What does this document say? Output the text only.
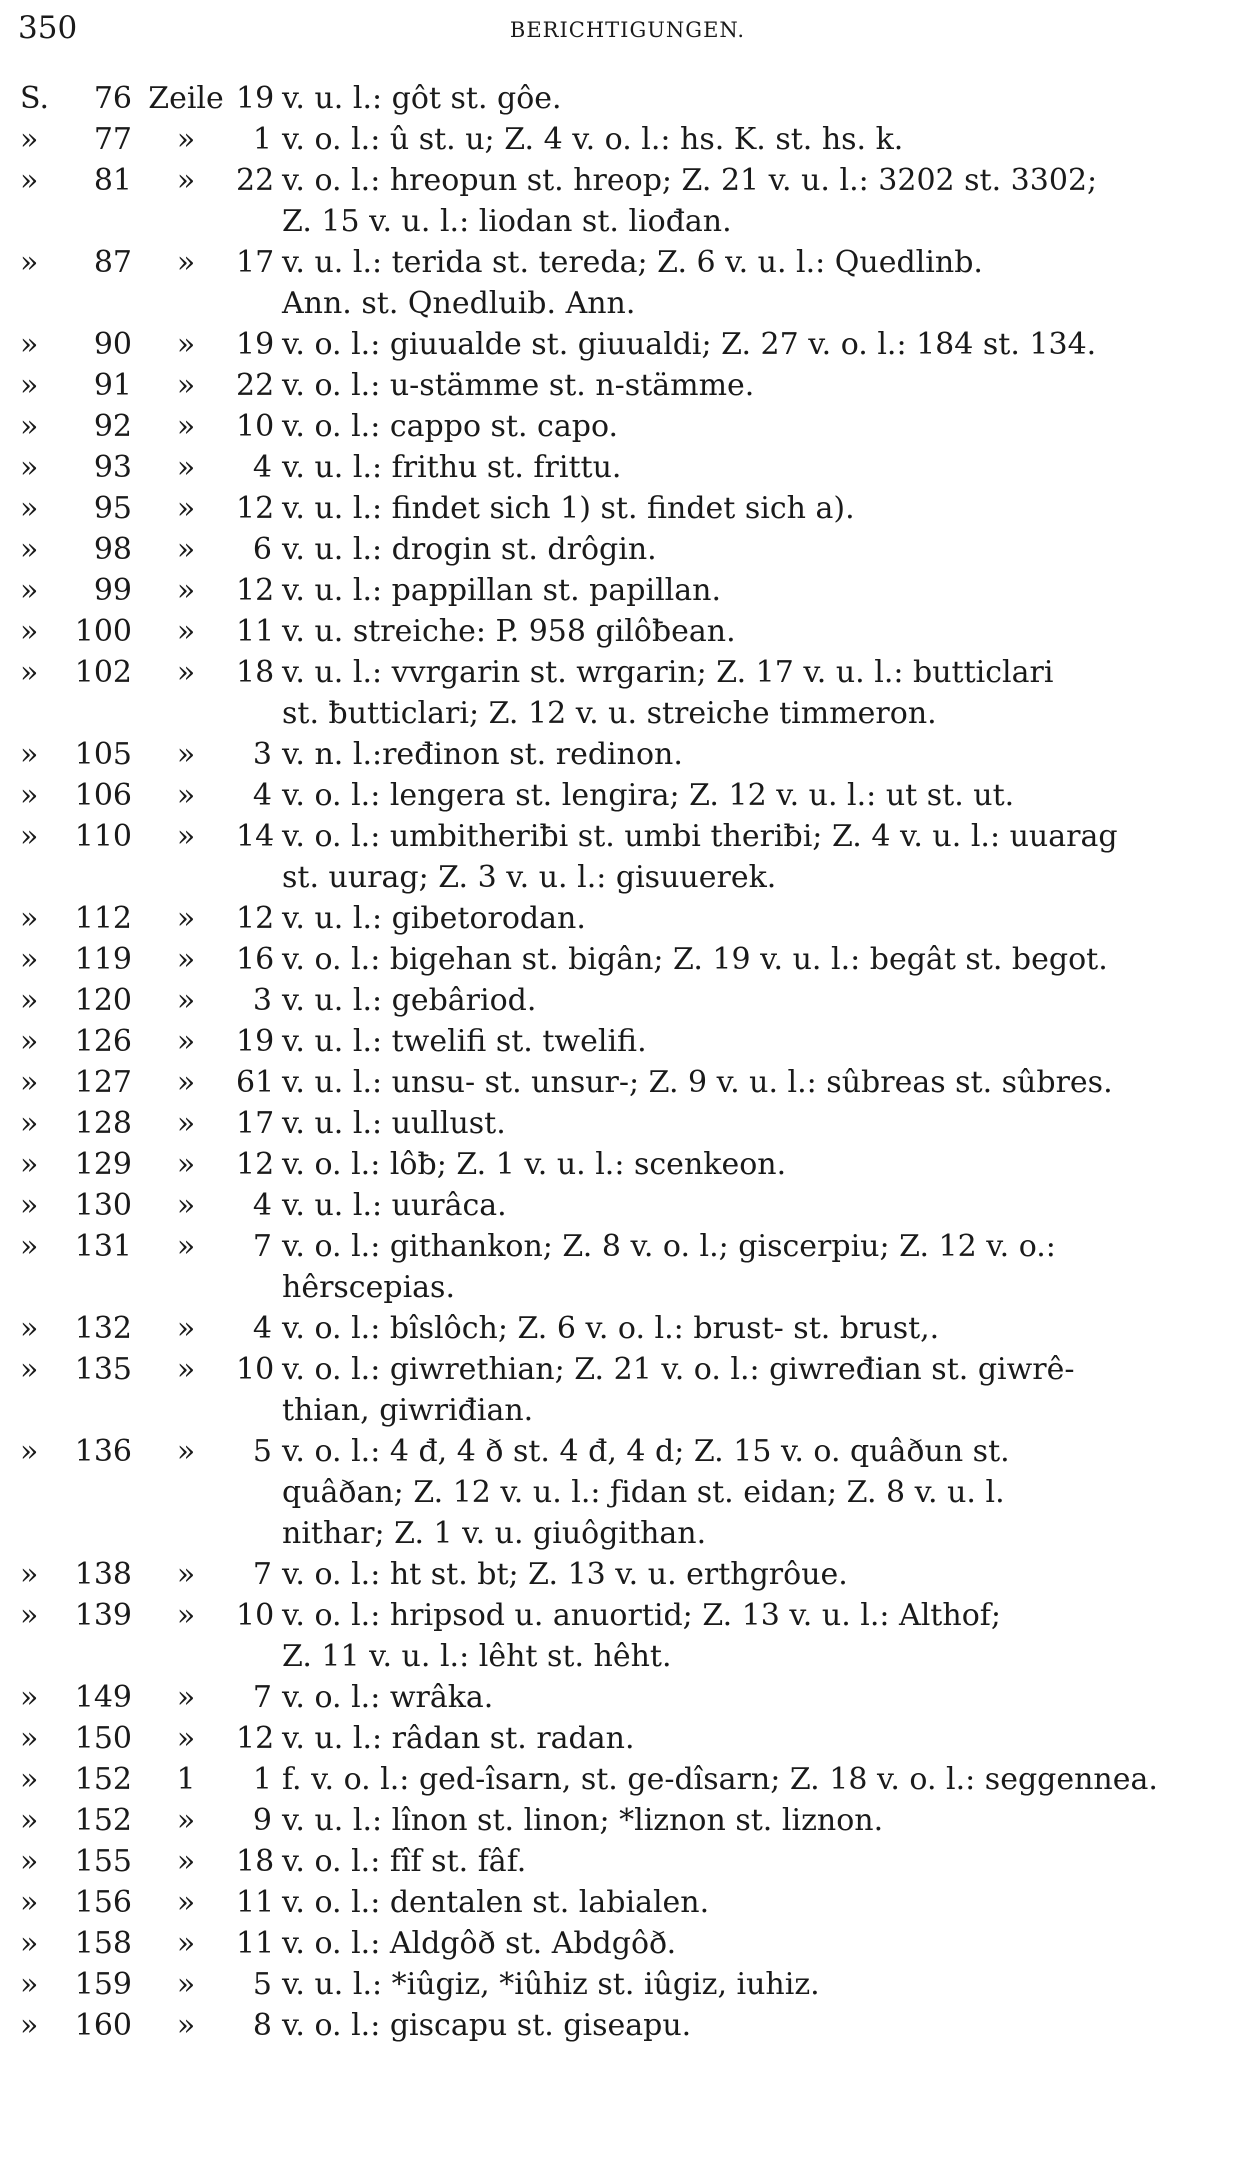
350	BERICHTIGUNGEN.
S.	76 Zeile 19 v. u. l.: gôt st. gôe.
»	77	»	1 v. o. l.: û st. u; Z. 4 v. o. l.: hs. K. st. hs. k.
»	81	»	22 v. o. l.: hreopun st. hreop; Z. 21 v. u. l.: 3202 st. 3302;
Z. 15 v. u. l.: liodan st. liođan.
»	87	»	17 v. u. l.: terida st. tereda; Z. 6 v. u. l.: Quedlinb.
Ann. st. Qnedluib. Ann.
»	90	»	19 v. o. l.: giuualde st. giuualdi; Z. 27 v. o. l.: 184 st. 134.
»	91	»	22 v. o. l.: u-stämme st. n-stämme.
»	92	»	10 v. o. l.: cappo st. capo.
»	93	»	4 v. u. l.: frithu st. frittu.
»	95	»	12 v. u. l.: findet sich 1) st. findet sich a).
»	98	»	6 v. u. l.: drogin st. drôgin.
»	99	»	12 v. u. l.: pappillan st. papillan.
»	100	»	11 v. u. streiche: P. 958 gilôƀean.
»	102	»	18 v. u. l.: vvrgarin st. wrgarin; Z. 17 v. u. l.: butticlari
st. ƀutticlari; Z. 12 v. u. streiche timmeron.
»	105	»	3 v. n. l.:ređinon st. redinon.
»	106	»	4 v. o. l.: lengera st. lengira; Z. 12 v. u. l.: ut st. ut.
»	110	»	14 v. o. l.: umbitheriƀi st. umbi theriƀi; Z. 4 v. u. l.: uuarag
st. uurag; Z. 3 v. u. l.: gisuuerek.
»	112	»	12 v. u. l.: gibetorodan.
»	119	»	16 v. o. l.: bigehan st. bigân; Z. 19 v. u. l.: begât st. begot.
»	120	»	3 v. u. l.: gebâriod.
»	126	»	19 v. u. l.: twelifi st. twelifi.
»	127	»	61 v. u. l.: unsu- st. unsur-; Z. 9 v. u. l.: sûbreas st. sûbres.
»	128	»	17 v. u. l.: uullust.
»	129	»	12 v. o. l.: lôƀ; Z. 1 v. u. l.: scenkeon.
»	130	»	4 v. u. l.: uurâca.
»	131	»	7 v. o. l.: githankon; Z. 8 v. o. l.; giscerpiu; Z. 12 v. o.:
hêrscepias.
»	132	»	4 v. o. l.: bîslôch; Z. 6 v. o. l.: brust- st. brust,.
»	135	»	10 v. o. l.: giwrethian; Z. 21 v. o. l.: giwređian st. giwrê-
thian, giwriđian.
»	136	»	5 v. o. l.: 4 đ, 4 ð st. 4 đ, 4 d; Z. 15 v. o. quâðun st.
quâðan; Z. 12 v. u. l.: ƒidan st. eidan; Z. 8 v. u. l.
nithar; Z. 1 v. u. giuôgithan.
»	138	»	7 v. o. l.: ht st. bt; Z. 13 v. u. erthgrôue.
»	139	»	10 v. o. l.: hripsod u. anuortid; Z. 13 v. u. l.: Althof;
Z. 11 v. u. l.: lêht st. hêht.
»	149	»	7 v. o. l.: wrâka.
»	150	»	12 v. u. l.: râdan st. radan.
»	152	1	1 f. v. o. l.: ged-îsarn, st. ge-dîsarn; Z. 18 v. o. l.: seggennea.
»	152	»	9 v. u. l.: lînon st. linon; *liznon st. liznon.
»	155	»	18 v. o. l.: fîf st. fâf.
»	156	»	11 v. o. l.: dentalen st. labialen.
»	158	»	11 v. o. l.: Aldgôð st. Abdgôð.
»	159	»	5 v. u. l.: *iûgiz, *iûhiz st. iûgiz, iuhiz.
»	160	»	8 v. o. l.: giscapu st. giseapu.
